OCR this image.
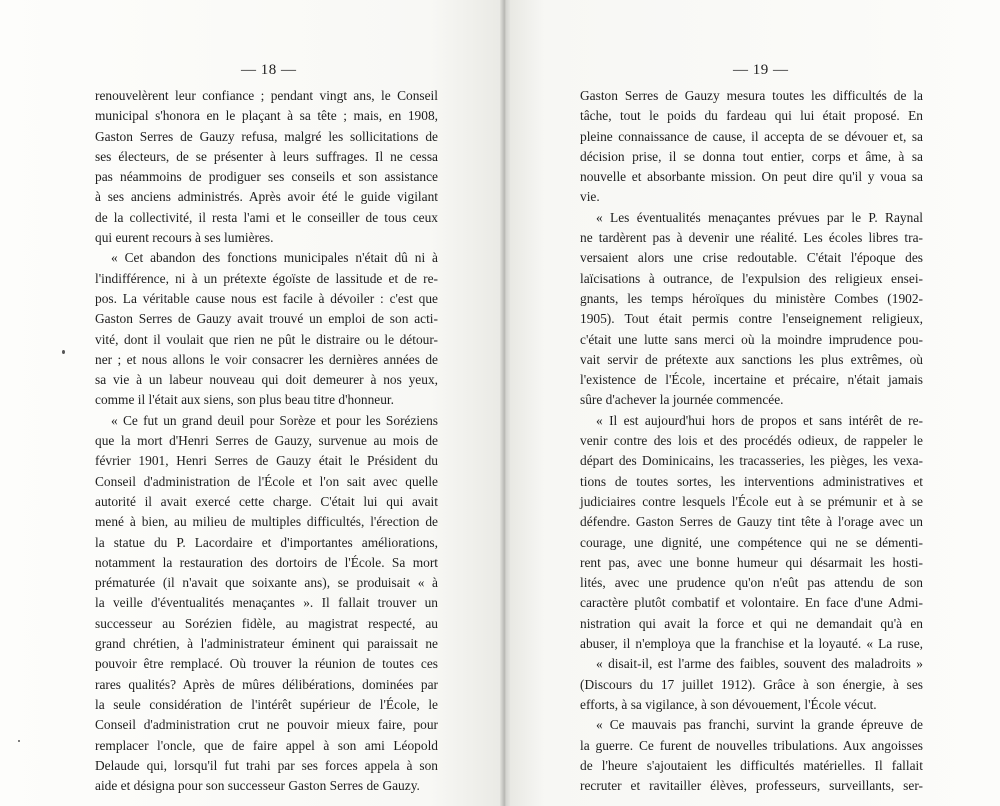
— 18 —
renouvelèrent leur confiance ; pendant vingt ans, le Conseil
municipal s'honora en le plaçant à sa tête ; mais, en 1908,
Gaston Serres de Gauzy refusa, malgré les sollicitations de
ses électeurs, de se présenter à leurs suffrages. Il ne cessa
pas néammoins de prodiguer ses conseils et son assistance
à ses anciens administrés. Après avoir été le guide vigilant
de la collectivité, il resta l'ami et le conseiller de tous ceux
qui eurent recours à ses lumières.
« Cet abandon des fonctions municipales n'était dû ni à
l'indifférence, ni à un prétexte égoïste de lassitude et de re-
pos. La véritable cause nous est facile à dévoiler : c'est que
Gaston Serres de Gauzy avait trouvé un emploi de son acti-
vité, dont il voulait que rien ne pût le distraire ou le détour-
ner ; et nous allons le voir consacrer les dernières années de
sa vie à un labeur nouveau qui doit demeurer à nos yeux,
comme il l'était aux siens, son plus beau titre d'honneur.
« Ce fut un grand deuil pour Sorèze et pour les Soréziens
que la mort d'Henri Serres de Gauzy, survenue au mois de
février 1901, Henri Serres de Gauzy était le Président du
Conseil d'administration de l'École et l'on sait avec quelle
autorité il avait exercé cette charge. C'était lui qui avait
mené à bien, au milieu de multiples difficultés, l'érection de
la statue du P. Lacordaire et d'importantes améliorations,
notamment la restauration des dortoirs de l'École. Sa mort
prématurée (il n'avait que soixante ans), se produisait « à
la veille d'éventualités menaçantes ». Il fallait trouver un
successeur au Sorézien fidèle, au magistrat respecté, au
grand chrétien, à l'administrateur éminent qui paraissait ne
pouvoir être remplacé. Où trouver la réunion de toutes ces
rares qualités? Après de mûres délibérations, dominées par
la seule considération de l'intérêt supérieur de l'École, le
Conseil d'administration crut ne pouvoir mieux faire, pour
remplacer l'oncle, que de faire appel à son ami Léopold
Delaude qui, lorsqu'il fut trahi par ses forces appela à son
aide et désigna pour son successeur Gaston Serres de Gauzy.
— 19 —
Gaston Serres de Gauzy mesura toutes les difficultés de la
tâche, tout le poids du fardeau qui lui était proposé. En
pleine connaissance de cause, il accepta de se dévouer et, sa
décision prise, il se donna tout entier, corps et âme, à sa
nouvelle et absorbante mission. On peut dire qu'il y voua sa
vie.
« Les éventualités menaçantes prévues par le P. Raynal
ne tardèrent pas à devenir une réalité. Les écoles libres tra-
versaient alors une crise redoutable. C'était l'époque des
laïcisations à outrance, de l'expulsion des religieux ensei-
gnants, les temps héroïques du ministère Combes (1902-
1905). Tout était permis contre l'enseignement religieux,
c'était une lutte sans merci où la moindre imprudence pou-
vait servir de prétexte aux sanctions les plus extrêmes, où
l'existence de l'École, incertaine et précaire, n'était jamais
sûre d'achever la journée commencée.
« Il est aujourd'hui hors de propos et sans intérêt de re-
venir contre des lois et des procédés odieux, de rappeler le
départ des Dominicains, les tracasseries, les pièges, les vexa-
tions de toutes sortes, les interventions administratives et
judiciaires contre lesquels l'École eut à se prémunir et à se
défendre. Gaston Serres de Gauzy tint tête à l'orage avec un
courage, une dignité, une compétence qui ne se démenti-
rent pas, avec une bonne humeur qui désarmait les hosti-
lités, avec une prudence qu'on n'eût pas attendu de son
caractère plutôt combatif et volontaire. En face d'une Admi-
nistration qui avait la force et qui ne demandait qu'à en
abuser, il n'employa que la franchise et la loyauté. « La ruse,
« disait-il, est l'arme des faibles, souvent des maladroits »
(Discours du 17 juillet 1912). Grâce à son énergie, à ses
efforts, à sa vigilance, à son dévouement, l'École vécut.
« Ce mauvais pas franchi, survint la grande épreuve de
la guerre. Ce furent de nouvelles tribulations. Aux angoisses
de l'heure s'ajoutaient les difficultés matérielles. Il fallait
recruter et ravitailler élèves, professeurs, surveillants, ser-
